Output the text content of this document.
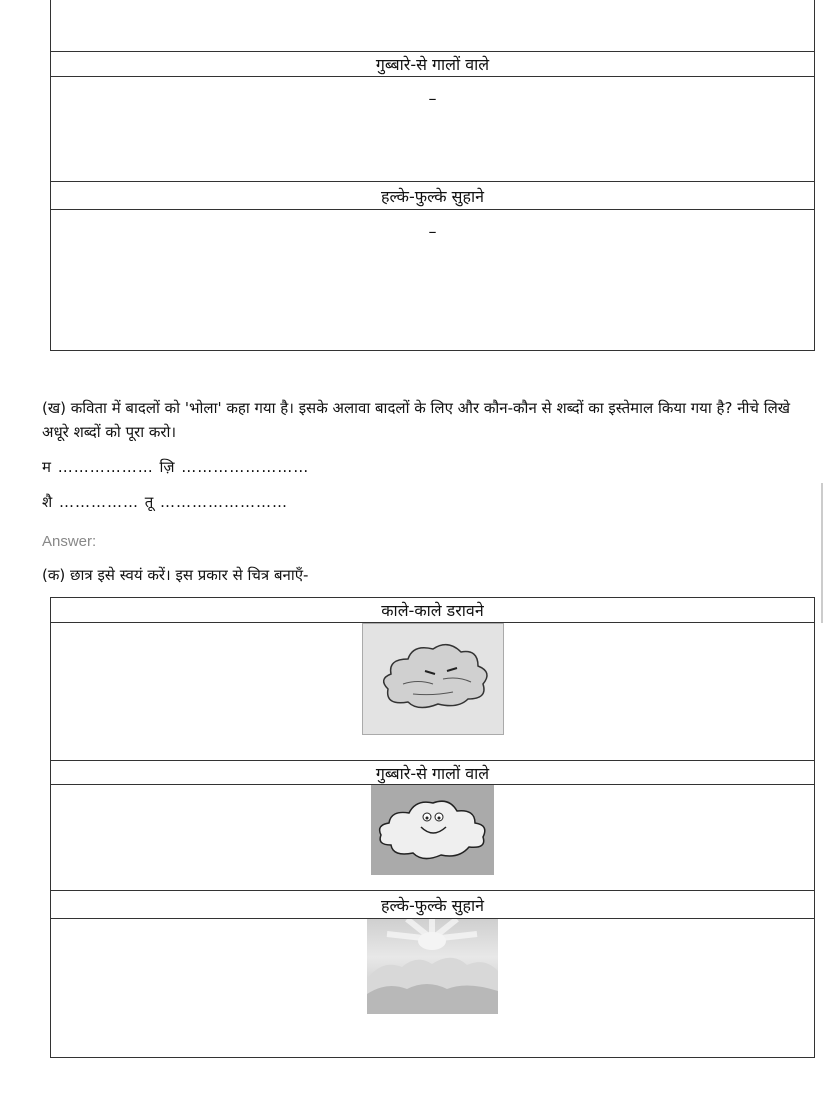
गुब्बारे-से गालों वाले
–
हल्के-फुल्के सुहाने
–
(ख) कविता में बादलों को 'भोला' कहा गया है। इसके अलावा बादलों के लिए और कौन-कौन से शब्दों का इस्तेमाल किया गया है? नीचे लिखे अधूरे शब्दों को पूरा करो।
म ……………… ज़ि ……………………
शै …………… तू ……………………
Answer:
(क) छात्र इसे स्वयं करें। इस प्रकार से चित्र बनाएँ-
काले-काले डरावने
गुब्बारे-से गालों वाले
हल्के-फुल्के सुहाने
